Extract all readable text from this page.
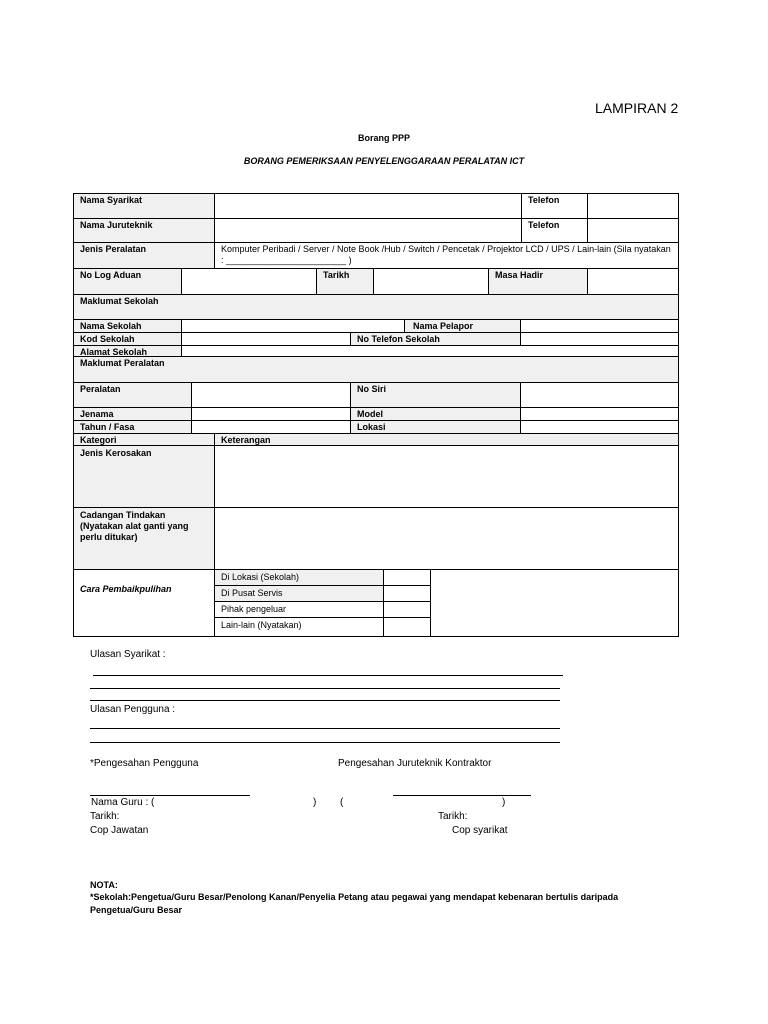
LAMPIRAN 2
Borang PPP
BORANG PEMERIKSAAN PENYELENGGARAAN PERALATAN ICT
Nama Syarikat	Telefon
Nama Juruteknik	Telefon
Jenis Peralatan	Komputer Peribadi / Server / Note Book /Hub / Switch / Pencetak / Projektor LCD / UPS / Lain-lain (Sila nyatakan : ________________________ )
No Log Aduan	Tarikh	Masa Hadir
Maklumat Sekolah
Nama Sekolah	Nama Pelapor
Kod Sekolah	No Telefon Sekolah
Alamat Sekolah
Maklumat Peralatan
Peralatan	No Siri
Jenama	Model
Tahun / Fasa	Lokasi
Kategori	Keterangan
Jenis Kerosakan
Cadangan Tindakan (Nyatakan alat ganti yang perlu ditukar)
Cara Pembaikpulihan
Di Lokasi (Sekolah)
Di Pusat Servis
Pihak pengeluar
Lain-lain (Nyatakan)
Ulasan Syarikat :
Ulasan Pengguna :
*Pengesahan Pengguna	Pengesahan Juruteknik Kontraktor
Nama Guru : (	) (	)
Tarikh:	Tarikh:
Cop Jawatan	Cop syarikat
NOTA:
*Sekolah:Pengetua/Guru Besar/Penolong Kanan/Penyelia Petang atau pegawai yang mendapat kebenaran bertulis daripada
Pengetua/Guru Besar
